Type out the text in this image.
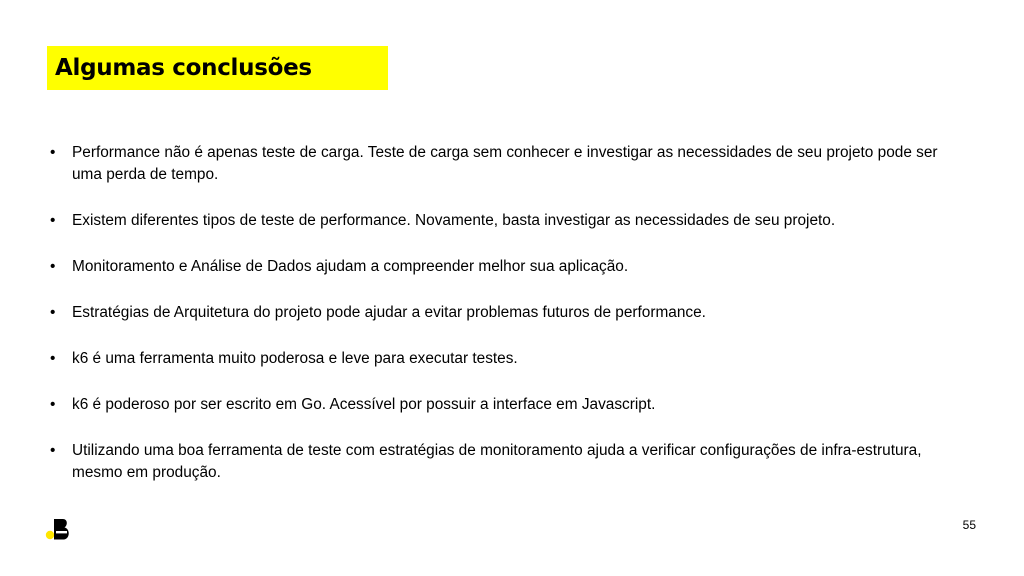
Algumas conclusões
•	Performance não é apenas teste de carga. Teste de carga sem conhecer e investigar as necessidades de seu projeto pode ser uma perda de tempo.
•	Existem diferentes tipos de teste de performance. Novamente, basta investigar as necessidades de seu projeto.
•	Monitoramento e Análise de Dados ajudam a compreender melhor sua aplicação.
•	Estratégias de Arquitetura do projeto pode ajudar a evitar problemas futuros de performance.
•	k6 é uma ferramenta muito poderosa e leve para executar testes.
•	k6 é poderoso por ser escrito em Go. Acessível por possuir a interface em Javascript.
•	Utilizando uma boa ferramenta de teste com estratégias de monitoramento ajuda a verificar configurações de infra-estrutura, mesmo em produção.
55
